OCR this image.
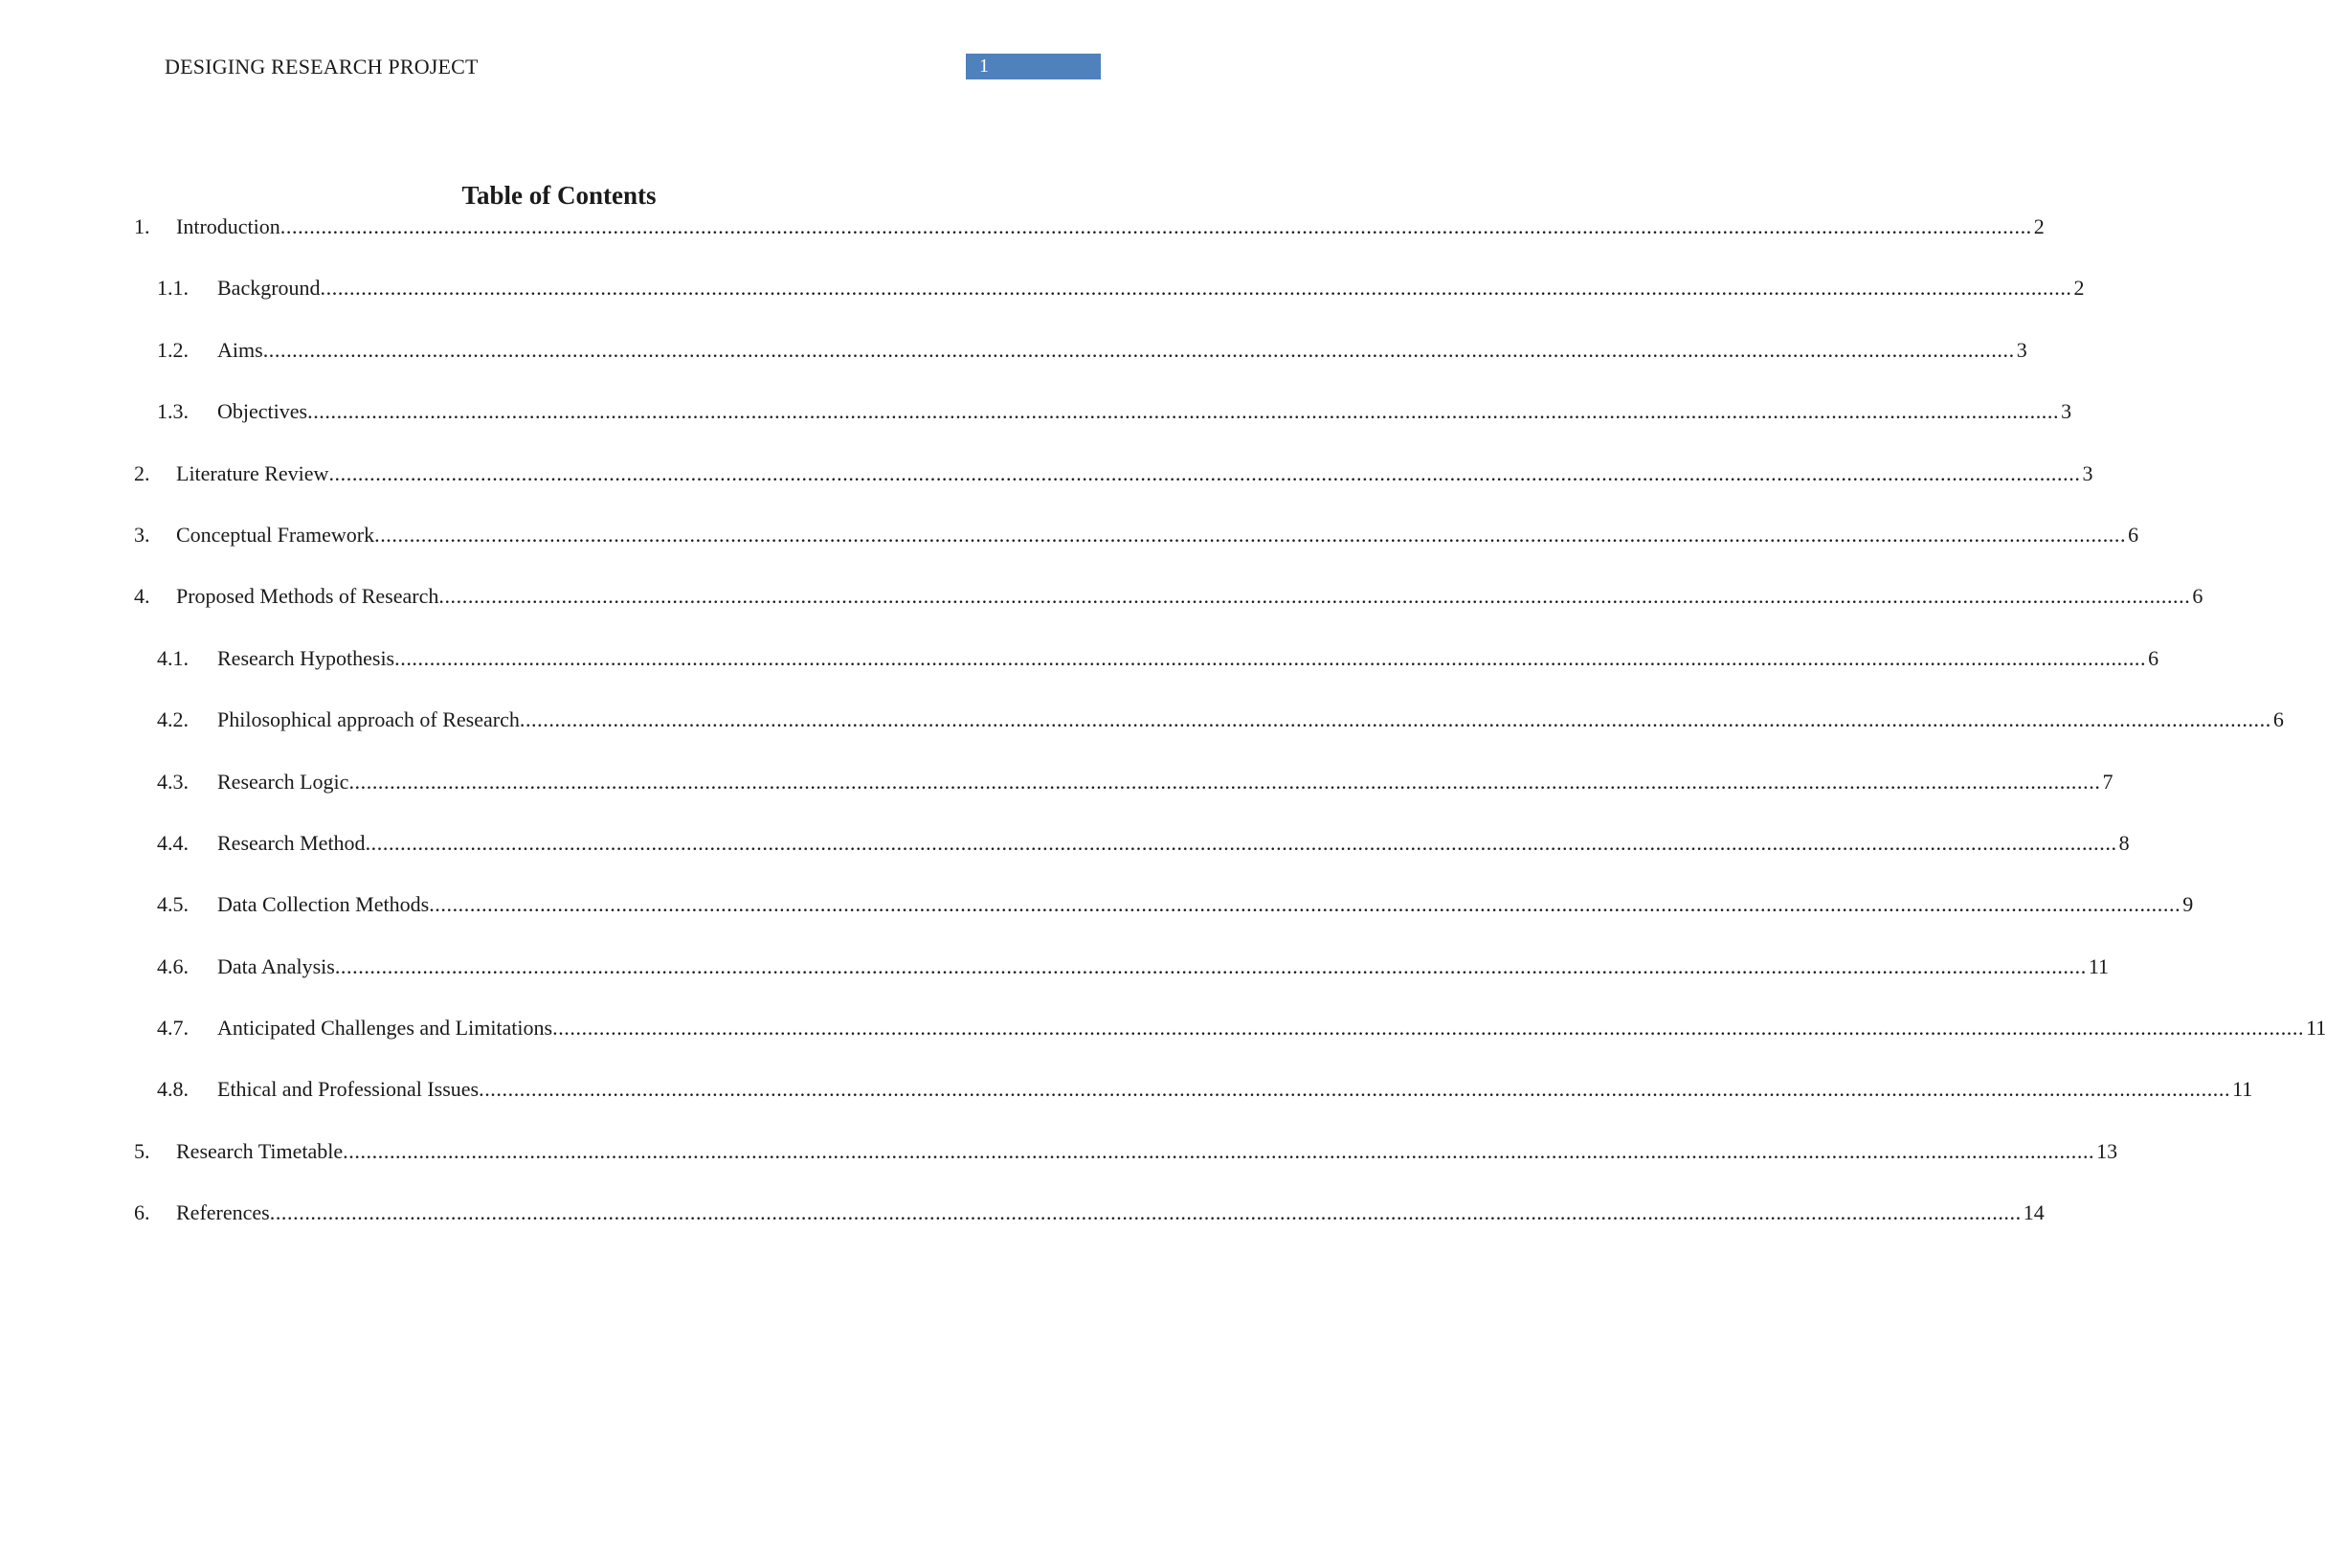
DESIGING RESEARCH PROJECT	1
Table of Contents
1.	Introduction ............................................................................................................................................................................................................................................................................................................ 2
1.1.	Background ............................................................................................................................................................................................................................................................................................................ 2
1.2.	Aims ............................................................................................................................................................................................................................................................................................................ 3
1.3.	Objectives ............................................................................................................................................................................................................................................................................................................ 3
2.	Literature Review ............................................................................................................................................................................................................................................................................................................ 3
3.	Conceptual Framework ............................................................................................................................................................................................................................................................................................................ 6
4.	Proposed Methods of Research ............................................................................................................................................................................................................................................................................................................ 6
4.1.	Research Hypothesis ............................................................................................................................................................................................................................................................................................................ 6
4.2.	Philosophical approach of Research ............................................................................................................................................................................................................................................................................................................ 6
4.3.	Research Logic ............................................................................................................................................................................................................................................................................................................ 7
4.4.	Research Method ............................................................................................................................................................................................................................................................................................................ 8
4.5.	Data Collection Methods ............................................................................................................................................................................................................................................................................................................ 9
4.6.	Data Analysis ............................................................................................................................................................................................................................................................................................................ 11
4.7.	Anticipated Challenges and Limitations ............................................................................................................................................................................................................................................................................................................ 11
4.8.	Ethical and Professional Issues ............................................................................................................................................................................................................................................................................................................ 11
5.	Research Timetable ............................................................................................................................................................................................................................................................................................................ 13
6.	References ............................................................................................................................................................................................................................................................................................................ 14
